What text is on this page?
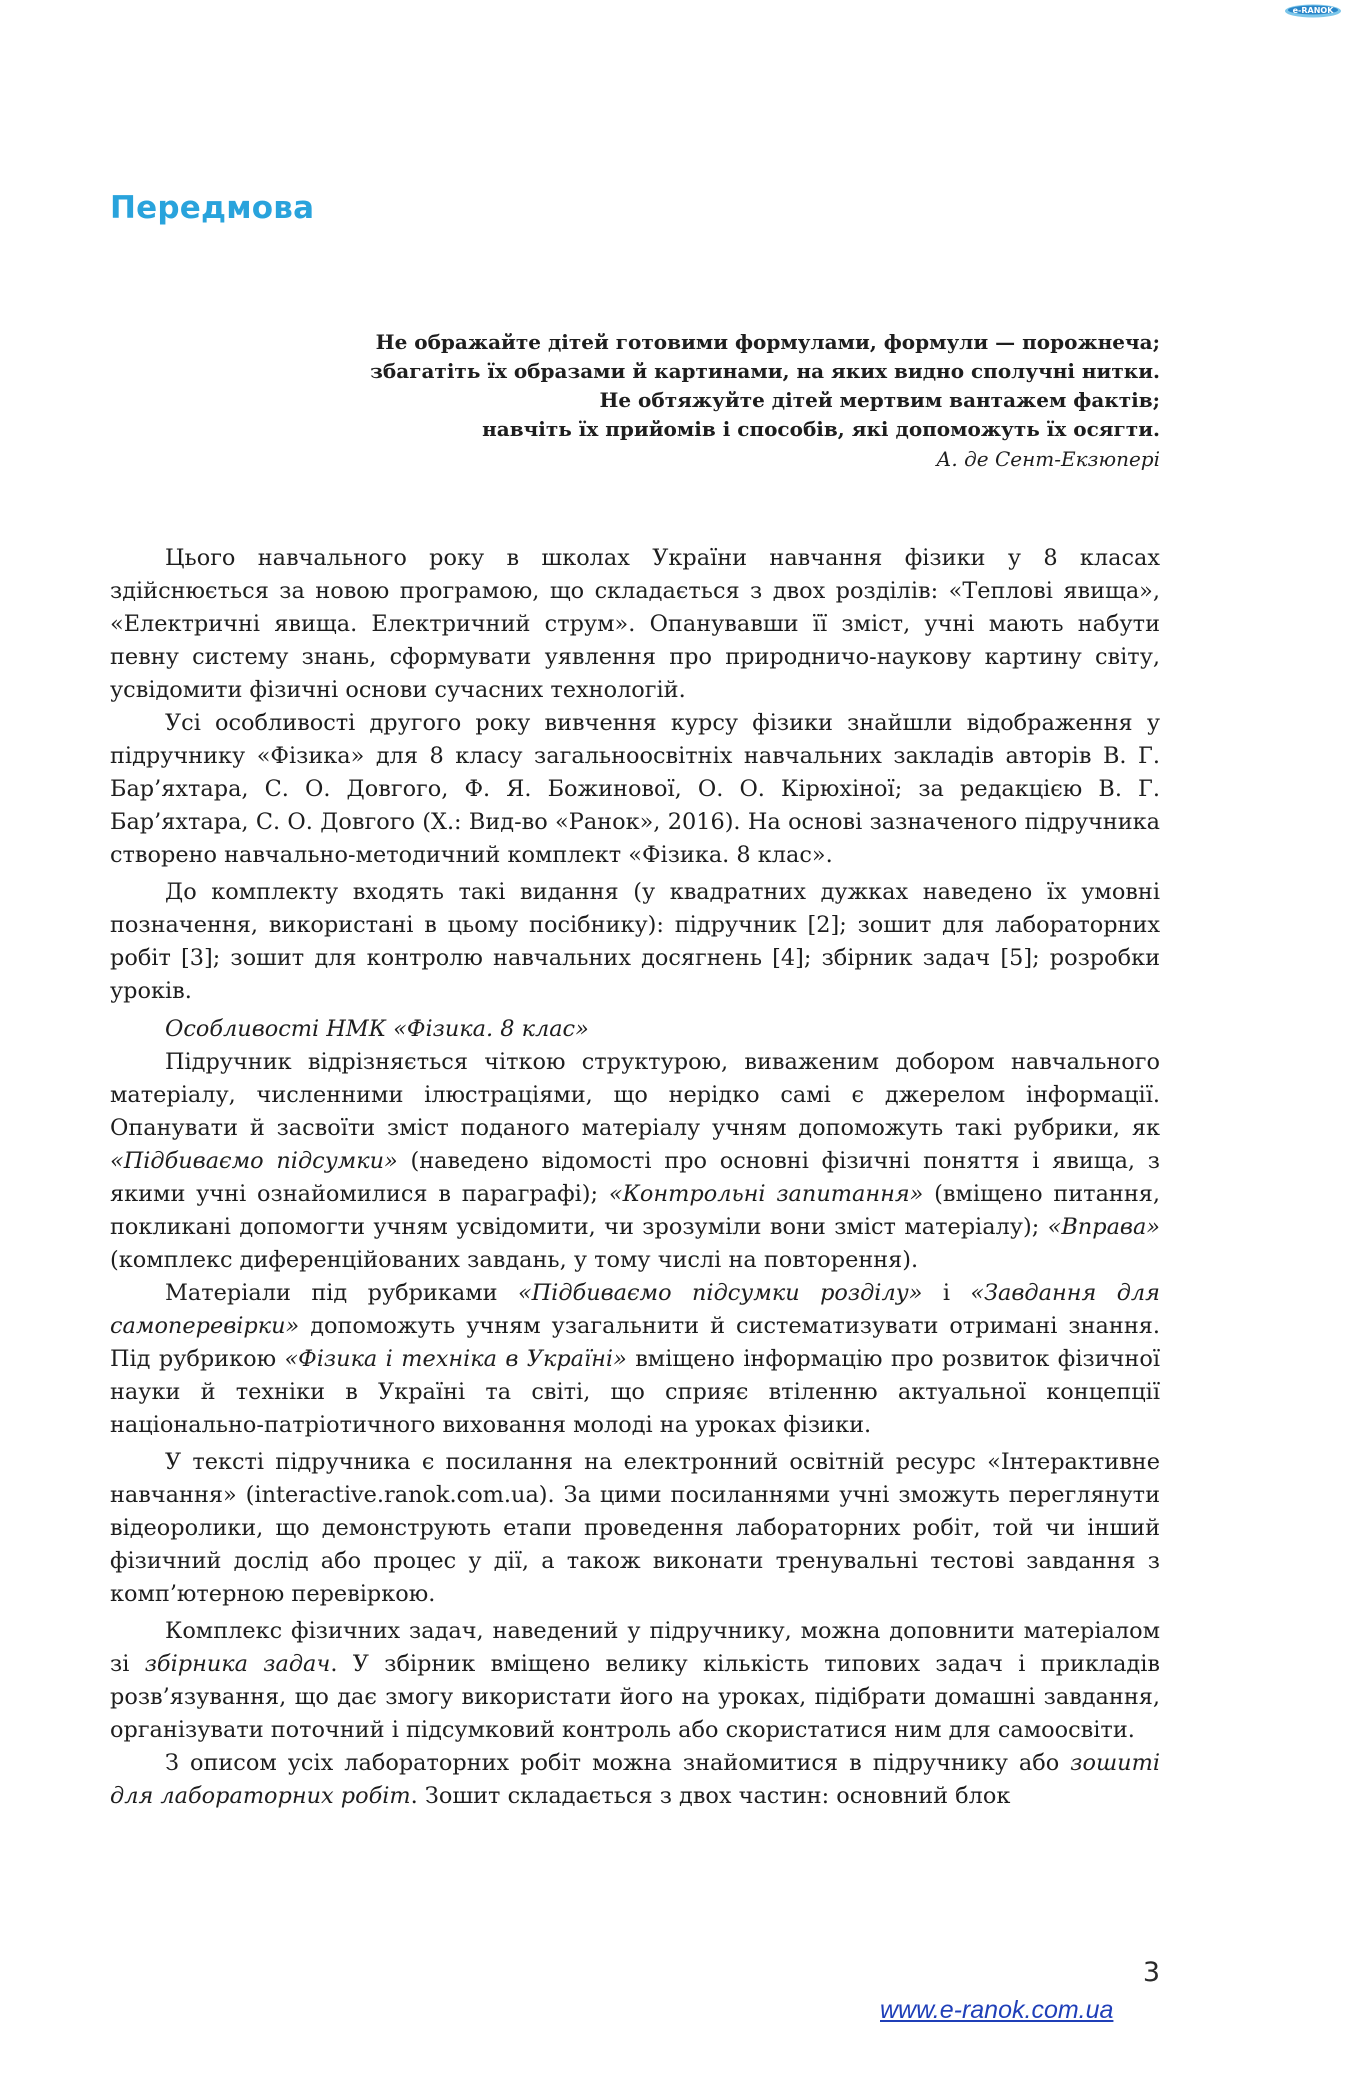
e-RANOK
Передмова
Не ображайте дітей готовими формулами, формули — порожнеча;
збагатіть їх образами й картинами, на яких видно сполучні нитки.
Не обтяжуйте дітей мертвим вантажем фактів;
навчіть їх прийомів і способів, які допоможуть їх осягти.
А. де Сент-Екзюпері

Цього навчального року в школах України навчання фізики у 8 класах здійснюється за новою програмою, що складається з двох розділів: «Теплові явища», «Електричні явища. Електричний струм». Опанувавши її зміст, учні мають набути певну систему знань, сформувати уявлення про природничо-наукову картину світу, усвідомити фізичні основи сучасних технологій.

Усі особливості другого року вивчення курсу фізики знайшли відображення у підручнику «Фізика» для 8 класу загальноосвітніх навчальних закладів авторів В. Г. Бар’яхтара, С. О. Довгого, Ф. Я. Божинової, О. О. Кірюхіної; за редакцією В. Г. Бар’яхтара, С. О. Довгого (Х.: Вид-во «Ранок», 2016). На основі зазначеного підручника створено навчально-методичний комплект «Фізика. 8 клас».

До комплекту входять такі видання (у квадратних дужках наведено їх умовні позначення, використані в цьому посібнику): підручник [2]; зошит для лабораторних робіт [3]; зошит для контролю навчальних досягнень [4]; збірник задач [5]; розробки уроків.

Особливості НМК «Фізика. 8 клас»

Підручник відрізняється чіткою структурою, виваженим добором навчального матеріалу, численними ілюстраціями, що нерідко самі є джерелом інформації. Опанувати й засвоїти зміст поданого матеріалу учням допоможуть такі рубрики, як «Підбиваємо підсумки» (наведено відомості про основні фізичні поняття і явища, з якими учні ознайомилися в параграфі); «Контрольні запитання» (вміщено питання, покликані допомогти учням усвідомити, чи зрозуміли вони зміст матеріалу); «Вправа» (комплекс диференційованих завдань, у тому числі на повторення).

Матеріали під рубриками «Підбиваємо підсумки розділу» і «Завдання для самоперевірки» допоможуть учням узагальнити й систематизувати отримані знання. Під рубрикою «Фізика і техніка в Україні» вміщено інформацію про розвиток фізичної науки й техніки в Україні та світі, що сприяє втіленню актуальної концепції національно-патріотичного виховання молоді на уроках фізики.

У тексті підручника є посилання на електронний освітній ресурс «Інтерактивне навчання» (interactive.ranok.com.ua). За цими посиланнями учні зможуть переглянути відеоролики, що демонструють етапи проведення лабораторних робіт, той чи інший фізичний дослід або процес у дії, а також виконати тренувальні тестові завдання з комп’ютерною перевіркою.

Комплекс фізичних задач, наведений у підручнику, можна доповнити матеріалом зі збірника задач. У збірник вміщено велику кількість типових задач і прикладів розв’язування, що дає змогу використати його на уроках, підібрати домашні завдання, організувати поточний і підсумковий контроль або скористатися ним для самоосвіти.

З описом усіх лабораторних робіт можна знайомитися в підручнику або зошиті для лабораторних робіт. Зошит складається з двох частин: основний блок

3
www.e-ranok.com.ua
